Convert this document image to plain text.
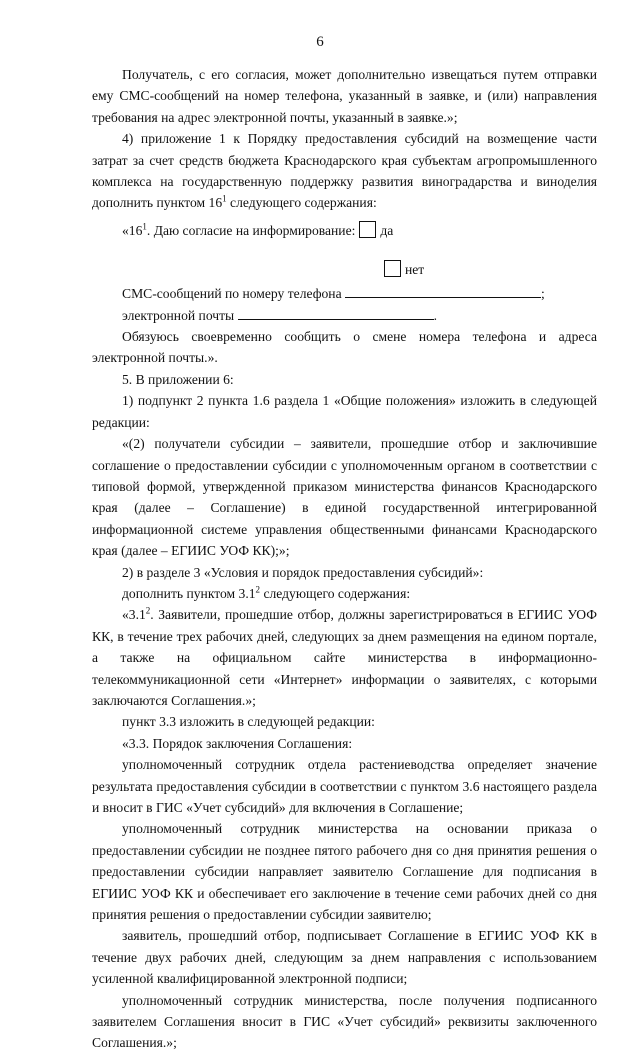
6

Получатель, с его согласия, может дополнительно извещаться путем отправки ему СМС-сообщений на номер телефона, указанный в заявке, и (или) направления требования на адрес электронной почты, указанный в заявке.»;

4) приложение 1 к Порядку предоставления субсидий на возмещение части затрат за счет средств бюджета Краснодарского края субъектам агропромышленного комплекса на государственную поддержку развития виноградарства и виноделия дополнить пунктом $16^1$ следующего содержания:

«$16^1$. Даю согласие на информирование: да

нет

СМС-сообщений по номеру телефона	;

электронной почты	.

Обязуюсь своевременно сообщить о смене номера телефона и адреса электронной почты.».

5. В приложении 6:

1) подпункт 2 пункта 1.6 раздела 1 «Общие положения» изложить в следующей редакции:

«(2) получатели субсидии – заявители, прошедшие отбор и заключившие соглашение о предоставлении субсидии с уполномоченным органом в соответствии с типовой формой, утвержденной приказом министерства финансов Краснодарского края (далее – Соглашение) в единой государственной интегрированной информационной системе управления общественными финансами Краснодарского края (далее – ЕГИИС УОФ КК);»;

2) в разделе 3 «Условия и порядок предоставления субсидий»:

дополнить пунктом $3.1^2$ следующего содержания:

«$3.1^2$. Заявители, прошедшие отбор, должны зарегистрироваться в ЕГИИС УОФ КК, в течение трех рабочих дней, следующих за днем размещения на едином портале, а также на официальном сайте министерства в информационно-телекоммуникационной сети «Интернет» информации о заявителях, с которыми заключаются Соглашения.»;

пункт 3.3 изложить в следующей редакции:

«3.3. Порядок заключения Соглашения:

уполномоченный сотрудник отдела растениеводства определяет значение результата предоставления субсидии в соответствии с пунктом 3.6 настоящего раздела и вносит в ГИС «Учет субсидий» для включения в Соглашение;

уполномоченный сотрудник министерства на основании приказа о предоставлении субсидии не позднее пятого рабочего дня со дня принятия решения о предоставлении субсидии направляет заявителю Соглашение для подписания в ЕГИИС УОФ КК и обеспечивает его заключение в течение семи рабочих дней со дня принятия решения о предоставлении субсидии заявителю;

заявитель, прошедший отбор, подписывает Соглашение в ЕГИИС УОФ КК в течение двух рабочих дней, следующим за днем направления с использованием усиленной квалифицированной электронной подписи;

уполномоченный сотрудник министерства, после получения подписанного заявителем Соглашения вносит в ГИС «Учет субсидий» реквизиты заключенного Соглашения.»;
